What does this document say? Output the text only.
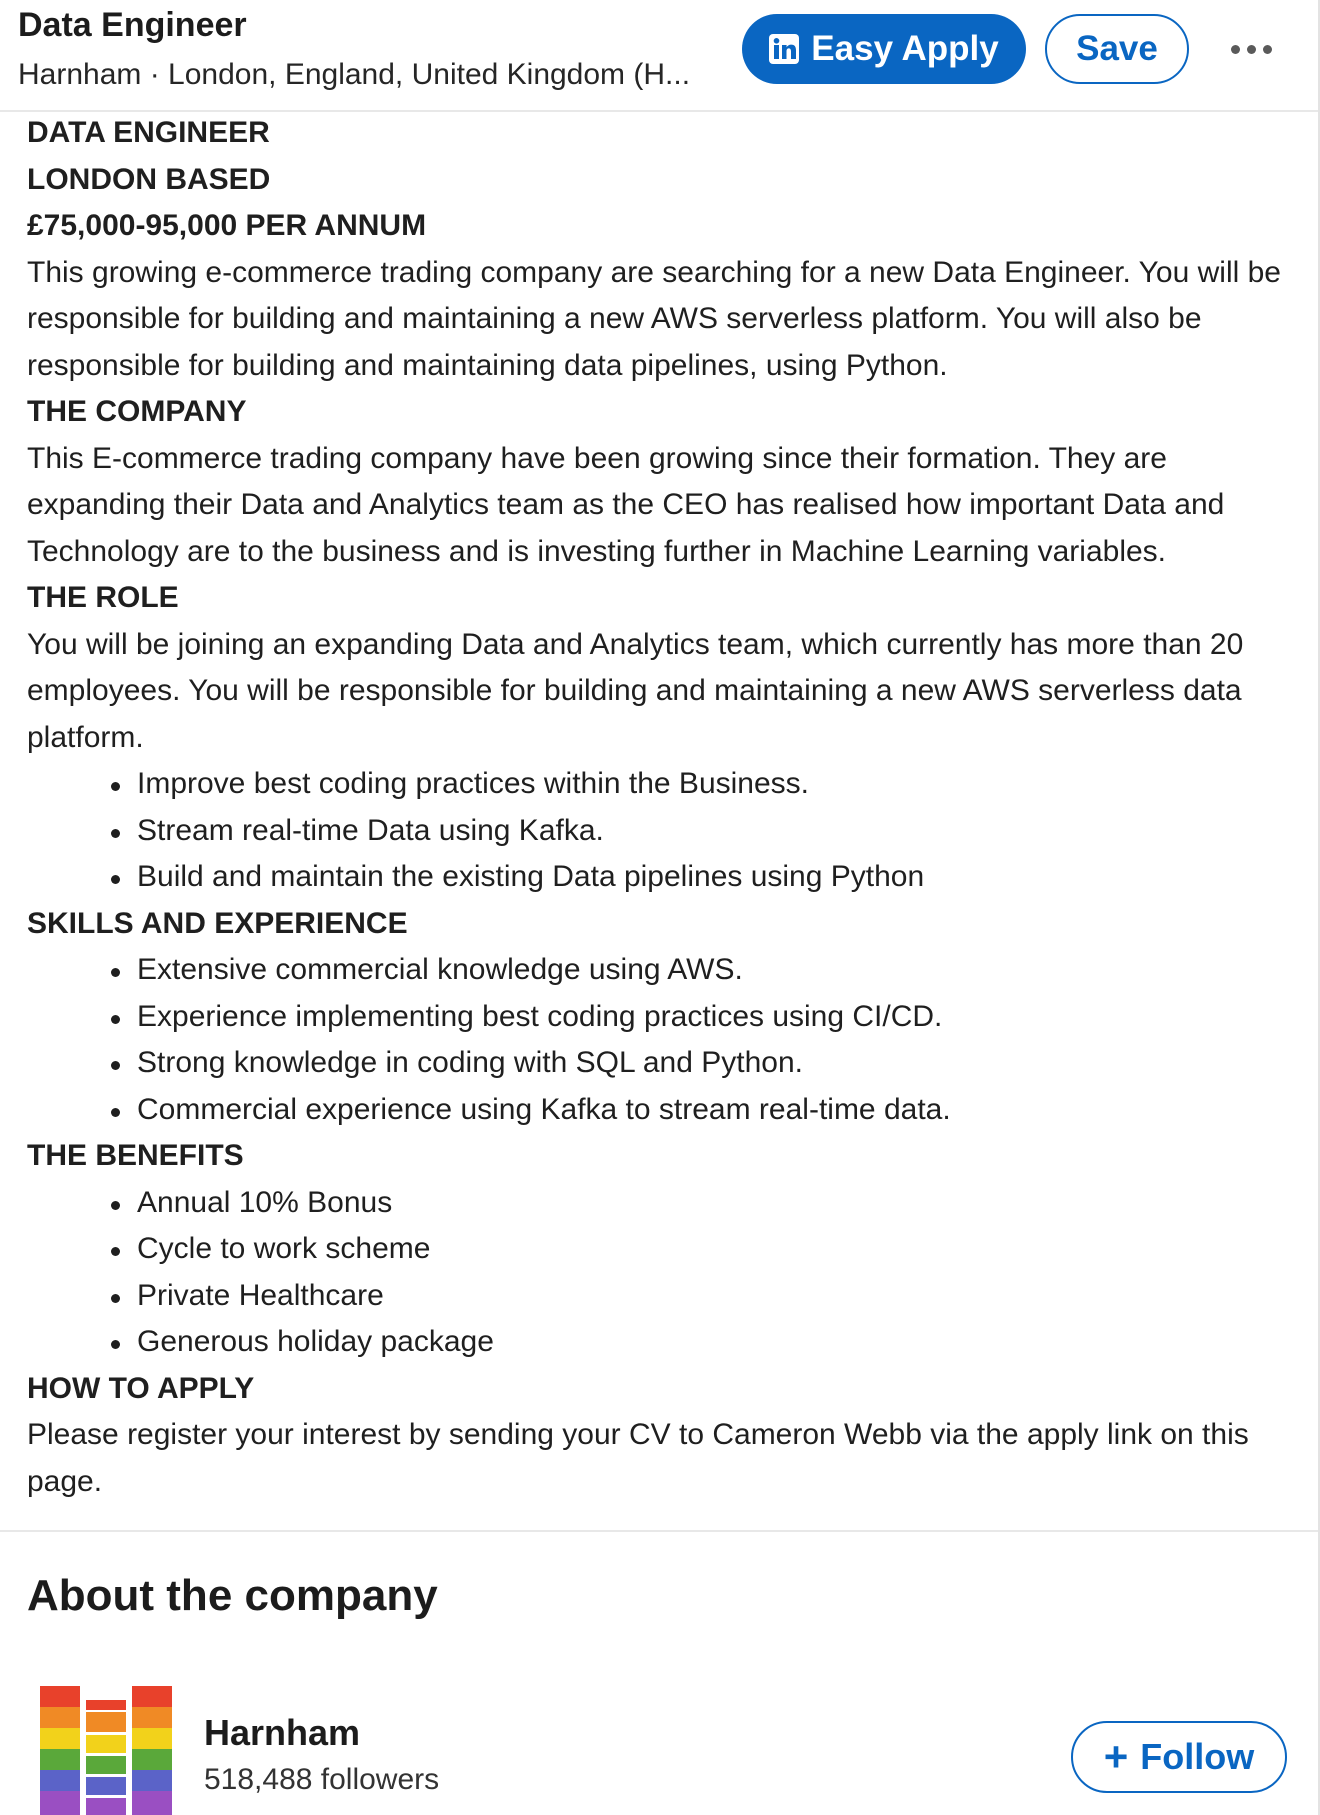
Data Engineer
Harnham · London, England, United Kingdom (H...
Easy Apply	Save
DATA ENGINEER
LONDON BASED
£75,000-95,000 PER ANNUM

This growing e-commerce trading company are searching for a new Data Engineer. You will be responsible for building and maintaining a new AWS serverless platform. You will also be responsible for building and maintaining data pipelines, using Python.

THE COMPANY

This E-commerce trading company have been growing since their formation. They are expanding their Data and Analytics team as the CEO has realised how important Data and Technology are to the business and is investing further in Machine Learning variables.

THE ROLE

You will be joining an expanding Data and Analytics team, which currently has more than 20 employees. You will be responsible for building and maintaining a new AWS serverless data platform.

Improve best coding practices within the Business.
Stream real-time Data using Kafka.
Build and maintain the existing Data pipelines using Python
SKILLS AND EXPERIENCE
Extensive commercial knowledge using AWS.
Experience implementing best coding practices using CI/CD.
Strong knowledge in coding with SQL and Python.
Commercial experience using Kafka to stream real-time data.
THE BENEFITS
Annual 10% Bonus
Cycle to work scheme
Private Healthcare
Generous holiday package
HOW TO APPLY

Please register your interest by sending your CV to Cameron Webb via the apply link on this page.

About the company
Harnham
518,488 followers	+ Follow
